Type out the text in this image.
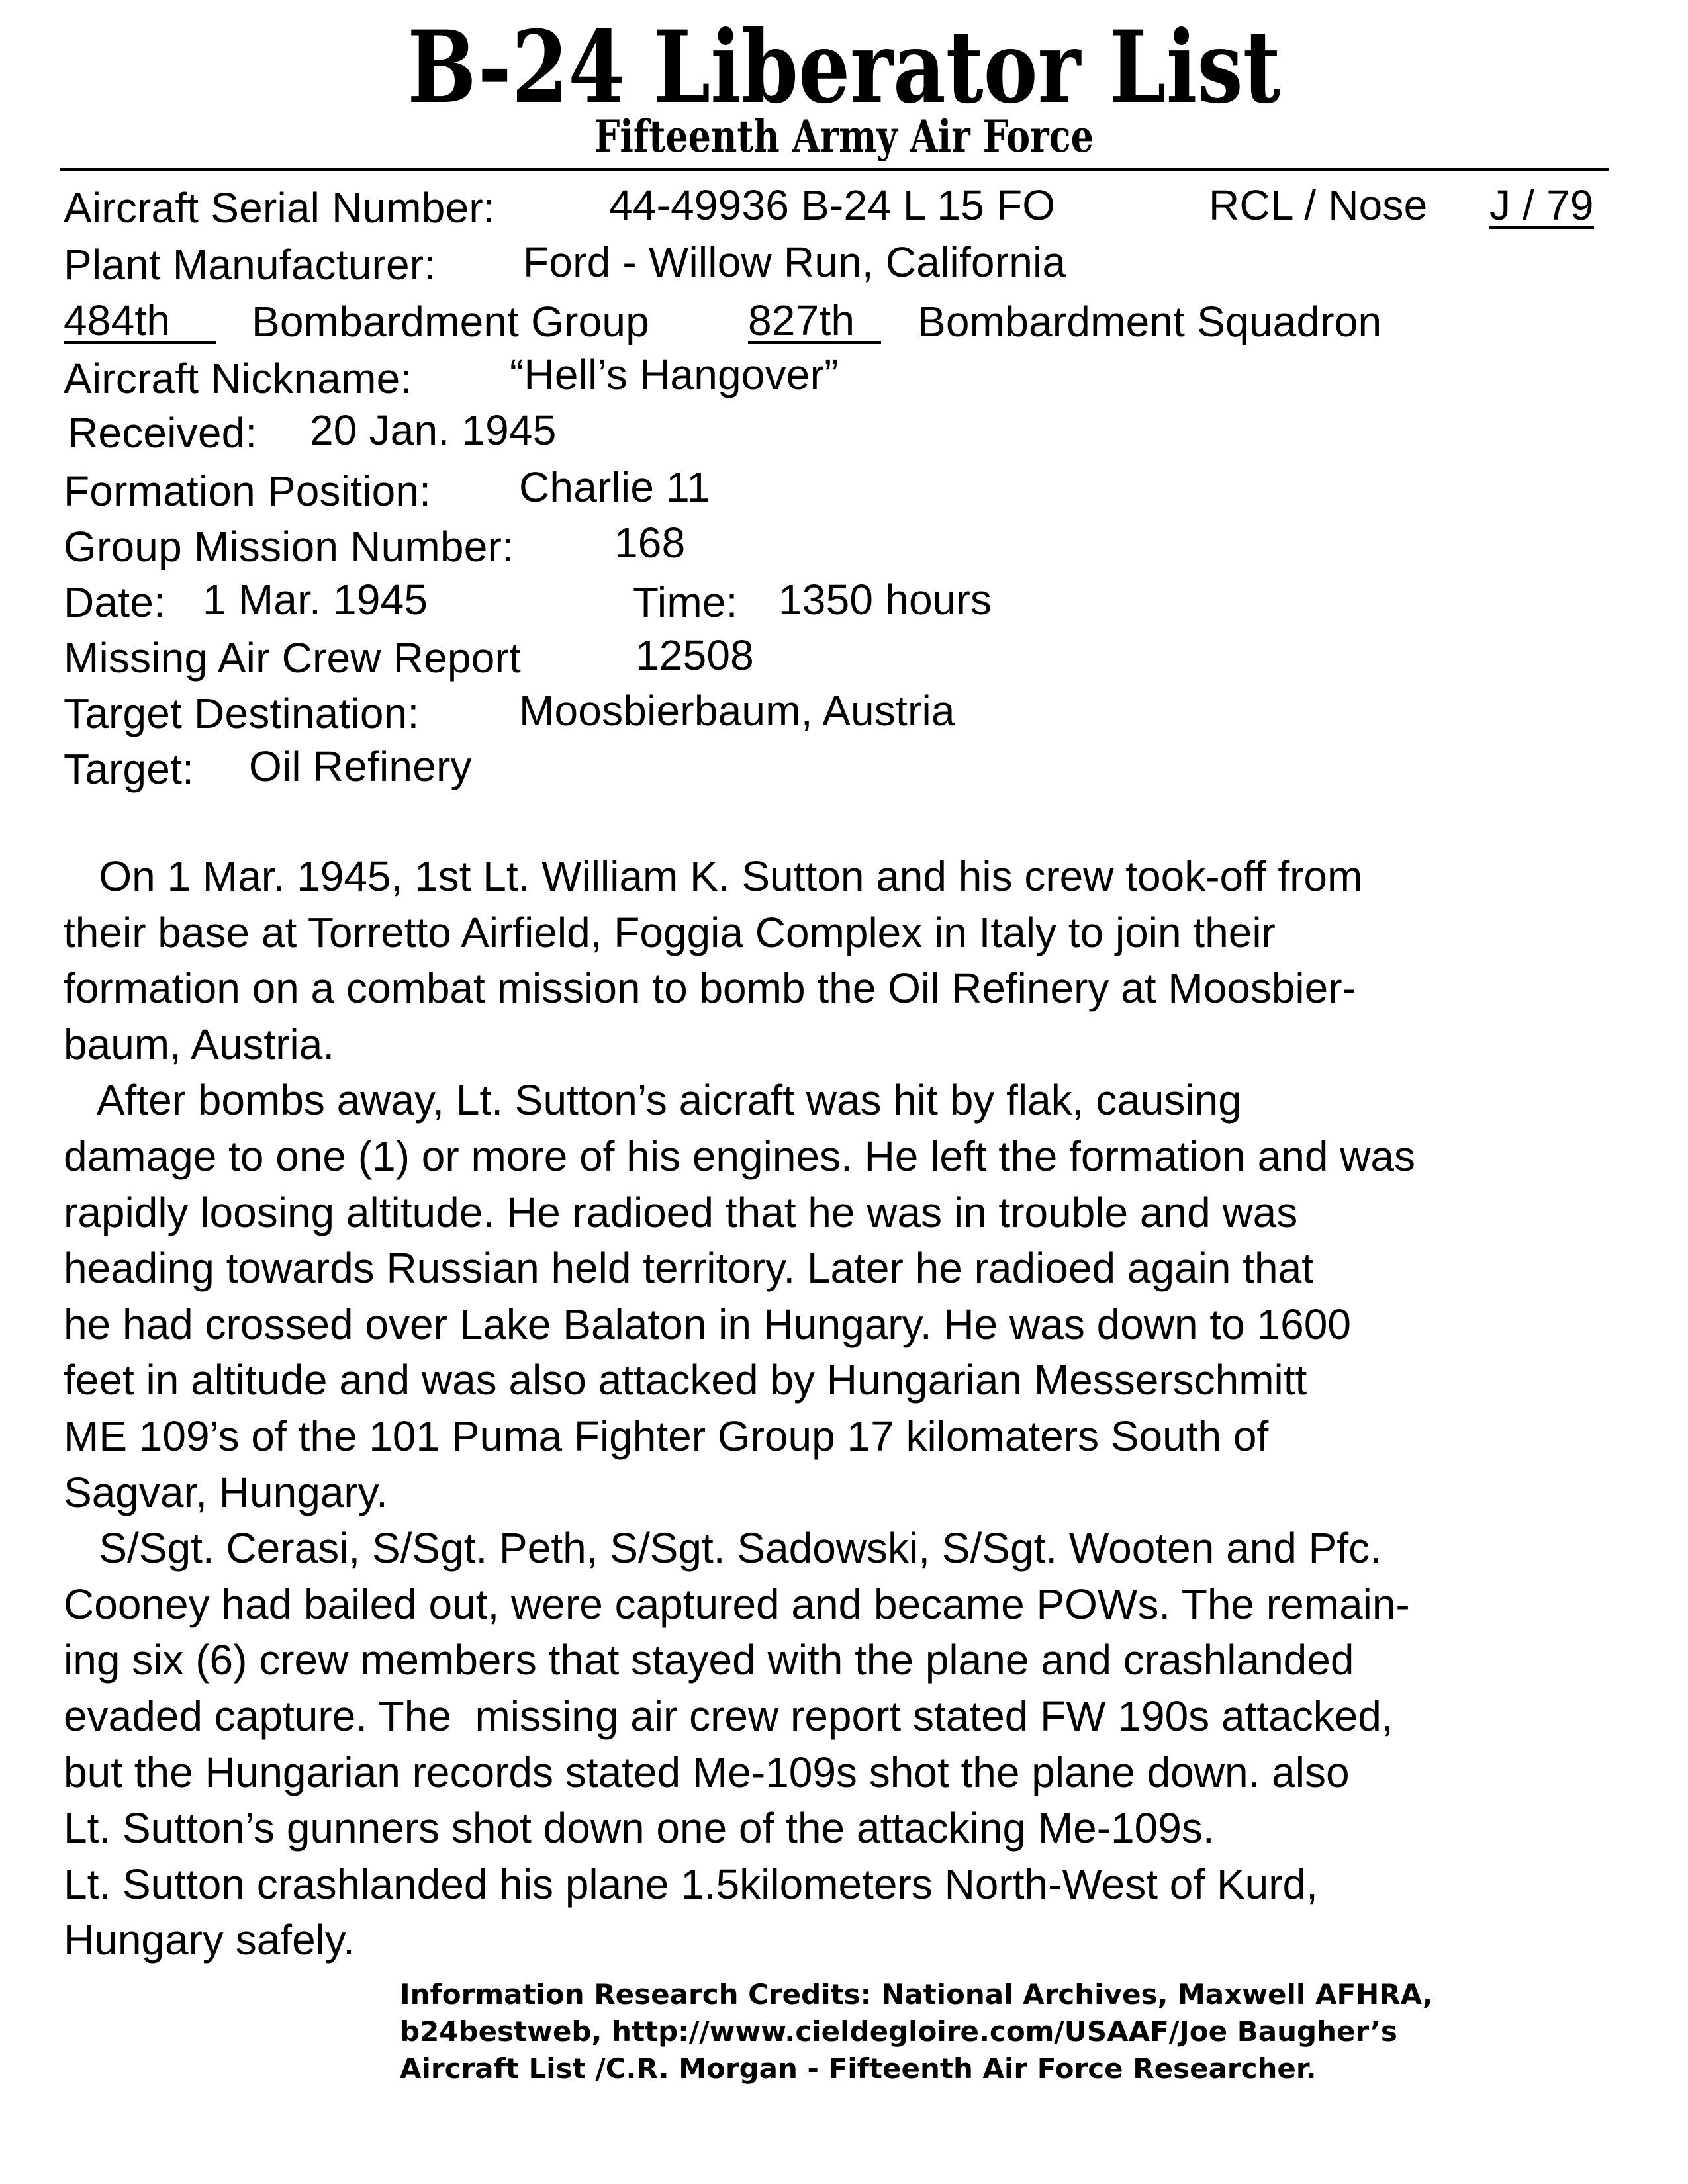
B-24 Liberator List
Fifteenth Army Air Force
Aircraft Serial Number:	44-49936 B-24 L 15 FO	RCL / Nose J / 79
Plant Manufacturer: Ford - Willow Run, California
484th	Bombardment Group 827th	Bombardment Squadron
Aircraft Nickname: “Hell’s Hangover”
Received: 20 Jan. 1945
Formation Position: Charlie 11
Group Mission Number: 168
Date: 1 Mar. 1945	Time: 1350 hours
Missing Air Crew Report	12508
Target Destination: Moosbierbaum, Austria
Target: Oil Refinery
On 1 Mar. 1945, 1st Lt. William K. Sutton and his crew took-off from
their base at Torretto Airfield, Foggia Complex in Italy to join their
formation on a combat mission to bomb the Oil Refinery at Moosbier-
baum, Austria.
After bombs away, Lt. Sutton’s aicraft was hit by flak, causing
damage to one (1) or more of his engines. He left the formation and was
rapidly loosing altitude. He radioed that he was in trouble and was
heading towards Russian held territory. Later he radioed again that
he had crossed over Lake Balaton in Hungary. He was down to 1600
feet in altitude and was also attacked by Hungarian Messerschmitt
ME 109’s of the 101 Puma Fighter Group 17 kilomaters South of
Sagvar, Hungary.
S/Sgt. Cerasi, S/Sgt. Peth, S/Sgt. Sadowski, S/Sgt. Wooten and Pfc.
Cooney had bailed out, were captured and became POWs. The remain-
ing six (6) crew members that stayed with the plane and crashlanded
evaded capture. The  missing air crew report stated FW 190s attacked,
but the Hungarian records stated Me-109s shot the plane down. also
Lt. Sutton’s gunners shot down one of the attacking Me-109s.
Lt. Sutton crashlanded his plane 1.5kilometers North-West of Kurd,
Hungary safely.
Information Research Credits: National Archives, Maxwell AFHRA,
b24bestweb, http://www.cieldegloire.com/USAAF/Joe Baugher’s
Aircraft List /C.R. Morgan - Fifteenth Air Force Researcher.
